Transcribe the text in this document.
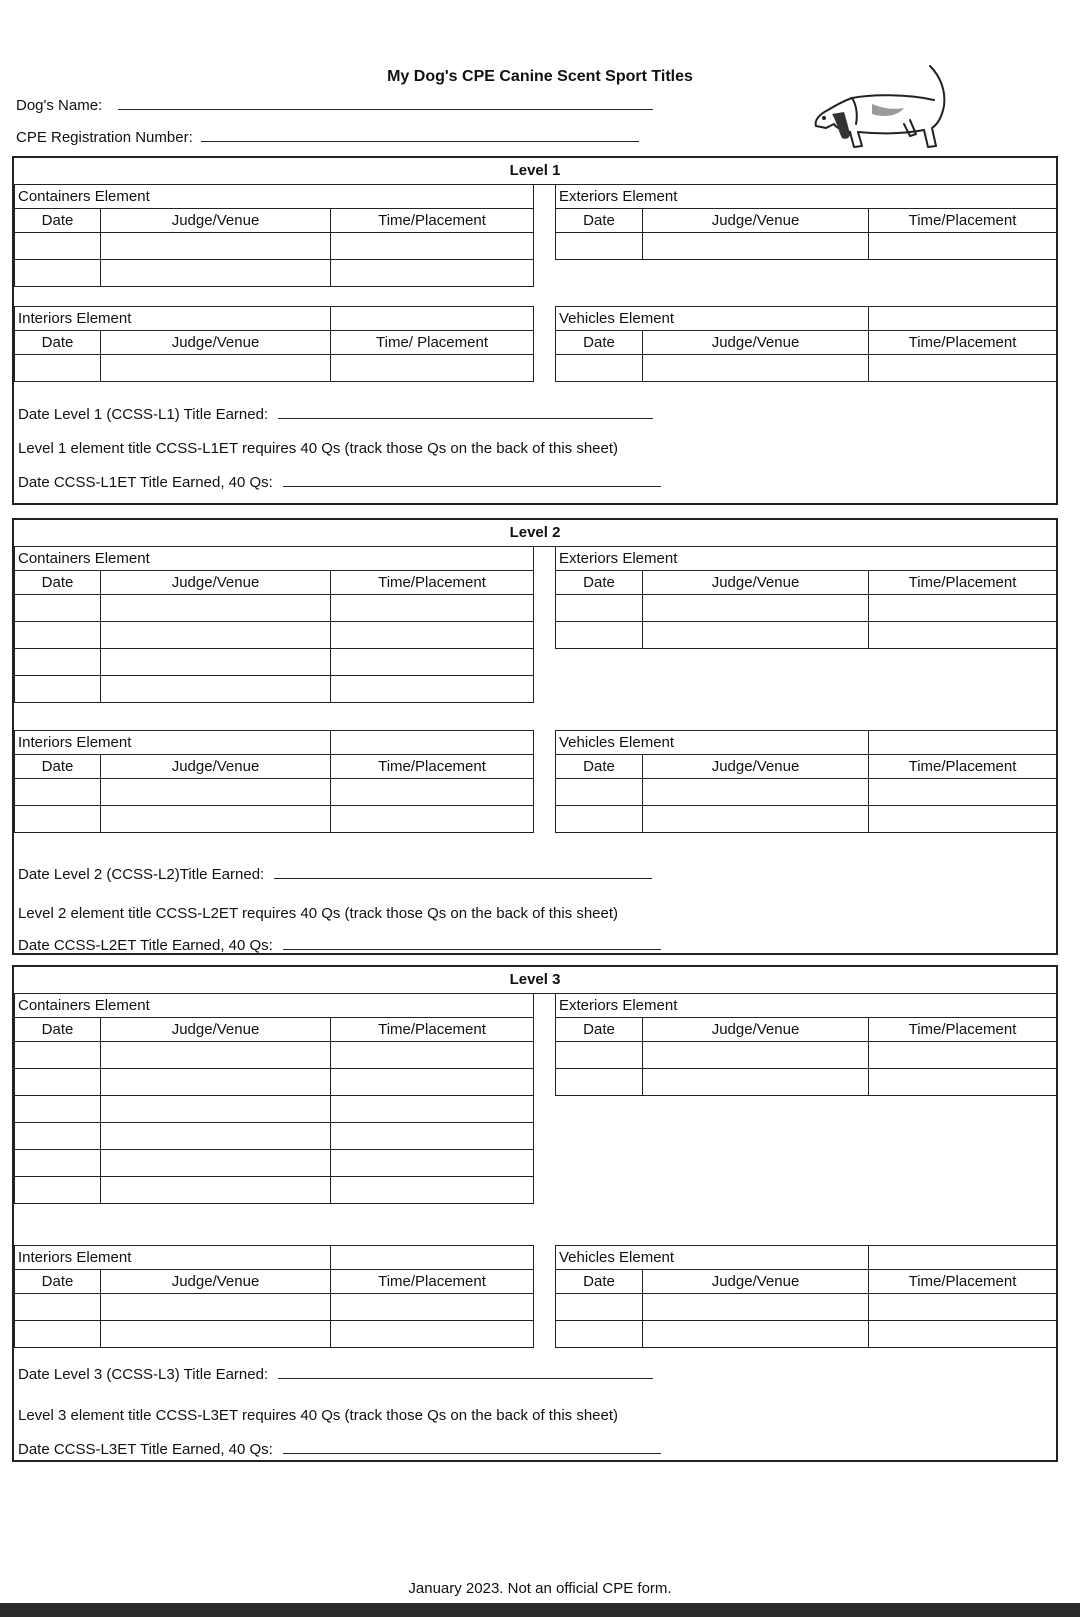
My Dog's CPE Canine Scent Sport Titles
Dog's Name:
CPE Registration Number:
Level 1
Containers Element		
Date	Judge/Venue	Time/Placement

Exteriors Element		
Date	Judge/Venue	Time/Placement

Interiors Element		
Date	Judge/Venue	Time/ Placement

Vehicles Element		
Date	Judge/Venue	Time/Placement

Date Level 1 (CCSS-L1) Title Earned:
Level 1 element title CCSS-L1ET requires 40 Qs (track those Qs on the back of this sheet)
Date CCSS-L1ET Title Earned, 40 Qs:
Level 2
Containers Element		
Date	Judge/Venue	Time/Placement

Exteriors Element		
Date	Judge/Venue	Time/Placement

Interiors Element		
Date	Judge/Venue	Time/Placement

Vehicles Element		
Date	Judge/Venue	Time/Placement

Date Level 2 (CCSS-L2)Title Earned:
Level 2 element title CCSS-L2ET requires 40 Qs (track those Qs on the back of this sheet)
Date CCSS-L2ET Title Earned, 40 Qs:
Level 3
Containers Element		
Date	Judge/Venue	Time/Placement

Exteriors Element		
Date	Judge/Venue	Time/Placement

Interiors Element		
Date	Judge/Venue	Time/Placement

Vehicles Element		
Date	Judge/Venue	Time/Placement

Date Level 3 (CCSS-L3) Title Earned:
Level 3 element title CCSS-L3ET requires 40 Qs (track those Qs on the back of this sheet)
Date CCSS-L3ET Title Earned, 40 Qs:
January 2023. Not an official CPE form.
